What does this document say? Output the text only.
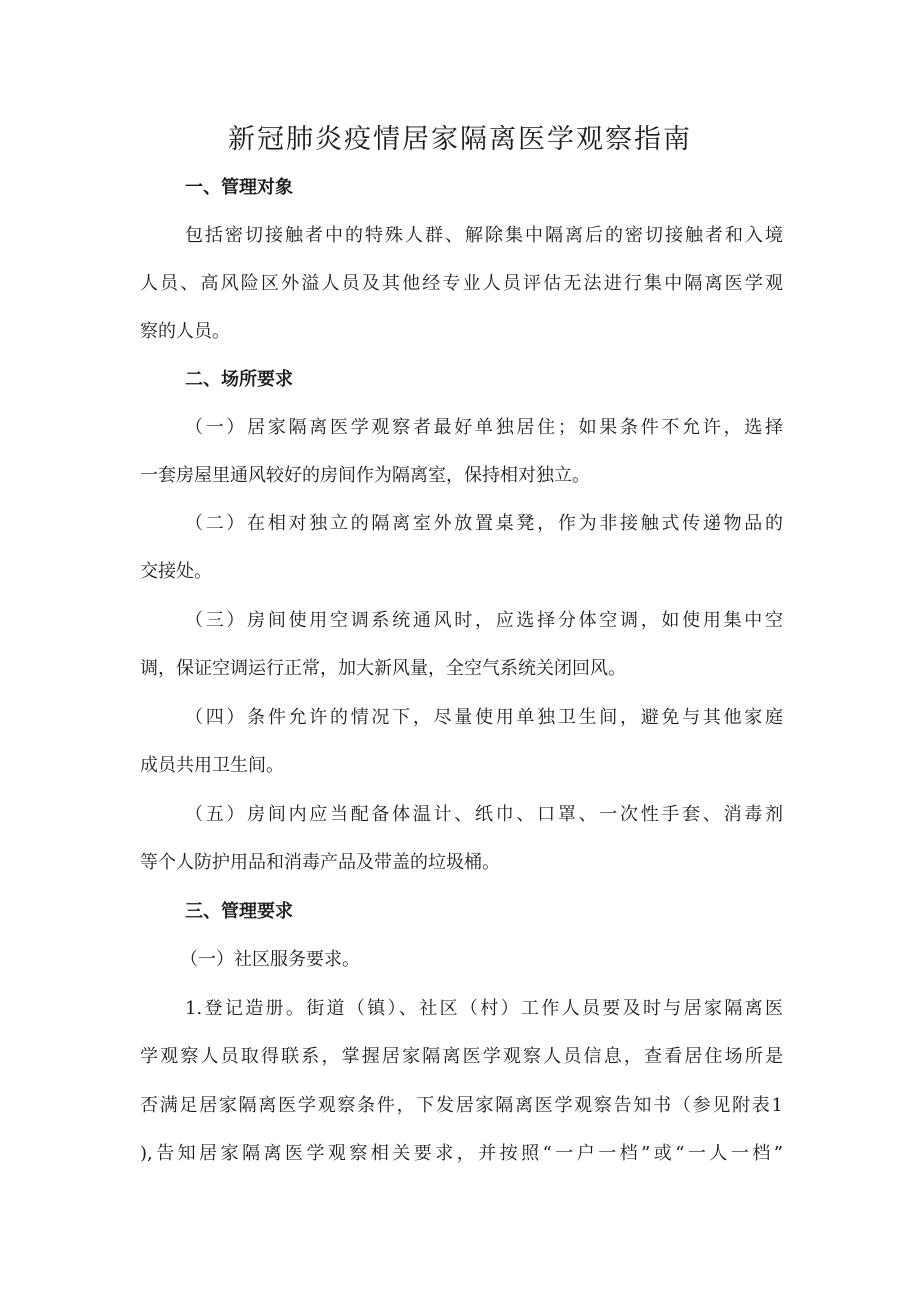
新冠肺炎疫情居家隔离医学观察指南
一、管理对象
包括密切接触者中的特殊人群、解除集中隔离后的密切接触者和入境
人员、高风险区外溢人员及其他经专业人员评估无法进行集中隔离医学观
察的人员。
二、场所要求
（一）居家隔离医学观察者最好单独居住；如果条件不允许，选择
一套房屋里通风较好的房间作为隔离室，保持相对独立。
（二）在相对独立的隔离室外放置桌凳，作为非接触式传递物品的
交接处。
（三）房间使用空调系统通风时，应选择分体空调，如使用集中空
调，保证空调运行正常，加大新风量，全空气系统关闭回风。
（四）条件允许的情况下，尽量使用单独卫生间，避免与其他家庭
成员共用卫生间。
（五）房间内应当配备体温计、纸巾、口罩、一次性手套、消毒剂
等个人防护用品和消毒产品及带盖的垃圾桶。
三、管理要求
（一）社区服务要求。
1.登记造册。街道（镇）、社区（村）工作人员要及时与居家隔离医
学观察人员取得联系，掌握居家隔离医学观察人员信息，查看居住场所是
否满足居家隔离医学观察条件，下发居家隔离医学观察告知书（参见附表1
),告知居家隔离医学观察相关要求，并按照“一户一档”或“一人一档”
